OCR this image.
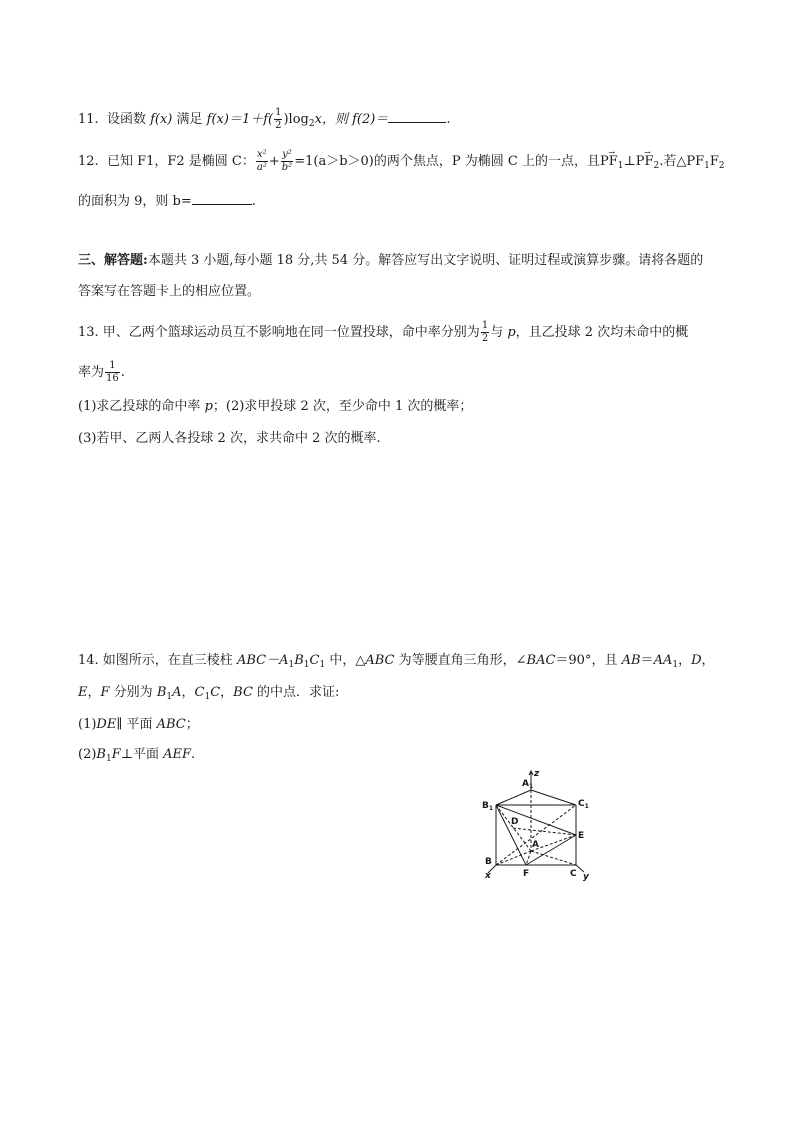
11. 设函数 f(x) 满足 $f(x)=1+f( \frac{1}{2} )\log_2x$，则 f(2)＝	.
12. 已知 F1，F2 是椭圆 C： $\frac{\text{x²}}{\text{a²}} + \frac{\text{y²}}{\text{b²}} =1(a>b>0)$的两个焦点，P 为椭圆 C 上的一点，且→ $PF_1\perp\to PF_2$.若$\triangle PF_1F_2$
的面积为 9，则 b=	.
三、解答题:本题共 3 小题,每小题 18 分,共 54 分。解答应写出文字说明、证明过程或演算步骤。请将各题的
答案写在答题卡上的相应位置。
13. 甲、乙两个篮球运动员互不影响地在同一位置投球，命中率分别为 $\frac{1}{2}$ 与 p，且乙投球 2 次均未命中的概
率为 $\frac{1}{16}$ .
(1)求乙投球的命中率 p；(2)求甲投球 2 次，至少命中 1 次的概率；
(3)若甲、乙两人各投球 2 次，求共命中 2 次的概率.
14. 如图所示，在直三棱柱 $ABC-A_1B_1C_1$ 中，△ABC 为等腰直角三角形，∠BAC＝90°，且 $AB=AA_1$，D，
E，F 分别为 $B_1A$，$C_1C$，BC 的中点．求证:
(1)DE∥ 平面 ABC；
$(2)B_1F\perp$平面 AEF.
$A_1$
z
$B_1$	$C_1$
D
A
E
B
x	F	C y
